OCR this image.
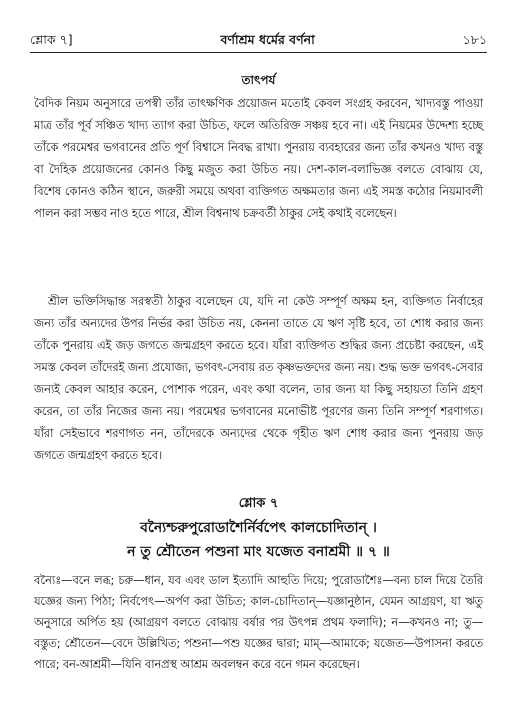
শ্লোক ৭]	বর্ণাশ্রম ধর্মের বর্ণনা	১৮১
তাৎপর্য

বৈদিক নিয়ম অনুসারে তপস্বী তাঁর তাৎক্ষণিক প্রয়োজন মতোই কেবল সংগ্রহ করবেন, খাদ্যবস্তু পাওয়া মাত্র তাঁর পূর্ব সঞ্চিত খাদ্য ত্যাগ করা উচিত, ফলে অতিরিক্ত সঞ্চয় হবে না। এই নিয়মের উদ্দেশ্য হচ্ছে তাঁকে পরমেশ্বর ভগবানের প্রতি পূর্ণ বিশ্বাসে নিবদ্ধ রাখা। পুনরায় ব্যবহারের জন্য তাঁর কখনও খাদ্য বস্তু বা দৈহিক প্রয়োজনের কোনও কিছু মজুত করা উচিত নয়। দেশ-কাল-বলাভিজ্ঞ বলতে বোঝায় যে, বিশেষ কোনও কঠিন স্থানে, জরুরী সময়ে অথবা ব্যক্তিগত অক্ষমতার জন্য এই সমস্ত কঠোর নিয়মাবলী পালন করা সম্ভব নাও হতে পারে, শ্রীল বিশ্বনাথ চক্রবর্তী ঠাকুর সেই কথাই বলেছেন।

শ্রীল ভক্তিসিদ্ধান্ত সরস্বতী ঠাকুর বলেছেন যে, যদি না কেউ সম্পূর্ণ অক্ষম হন, ব্যক্তিগত নির্বাহের জন্য তাঁর অন্যদের উপর নির্ভর করা উচিত নয়, কেননা তাতে যে ঋণ সৃষ্টি হবে, তা শোধ করার জন্য তাঁকে পুনরায় এই জড় জগতে জন্মগ্রহণ করতে হবে। যাঁরা ব্যক্তিগত শুদ্ধির জন্য প্রচেষ্টা করছেন, এই সমস্ত কেবল তাঁদেরই জন্য প্রযোজ্য, ভগবৎ-সেবায় রত কৃষ্ণভক্তদের জন্য নয়। শুদ্ধ ভক্ত ভগবৎ-সেবার জন্যই কেবল আহার করেন, পোশাক পরেন, এবং কথা বলেন, তার জন্য যা কিছু সহায়তা তিনি গ্রহণ করেন, তা তাঁর নিজের জন্য নয়। পরমেশ্বর ভগবানের মনোভীষ্ট পূরণের জন্য তিনি সম্পূর্ণ শরণাগত। যাঁরা সেইভাবে শরণাগত নন, তাঁদেরকে অন্যদের থেকে গৃহীত ঋণ শোধ করার জন্য পুনরায় জড় জগতে জন্মগ্রহণ করতে হবে।

শ্লোক ৭
বন্যৈশ্চরুপুরোডাশৈর্নির্বপেৎ কালচোদিতান্ ।
ন তু শ্রৌতেন পশুনা মাং যজেত বনাশ্রমী ॥ ৭ ॥

বন্যৈঃ—বনে লব্ধ; চরু—ধান, যব এবং ডাল ইত্যাদি আহুতি দিয়ে; পুরোডাশৈঃ—বন্য চাল দিয়ে তৈরি যজ্ঞের জন্য পিঠা; নির্বপেৎ—অর্পণ করা উচিত; কাল-চোদিতান্—যজ্ঞানুষ্ঠান, যেমন আগ্রয়ণ, যা ঋতু অনুসারে অর্পিত হয় (আগ্রয়ণ বলতে বোঝায় বর্ষার পর উৎপন্ন প্রথম ফলাদি); ন—কখনও না; তু—বস্তুত; শ্রৌতেন—বেদে উল্লিখিত; পশুনা—পশু যজ্ঞের দ্বারা; মাম্—আমাকে; যজেত—উপাসনা করতে পারে; বন-আশ্রমী—যিনি বানপ্রস্থ আশ্রম অবলম্বন করে বনে গমন করেছেন।
